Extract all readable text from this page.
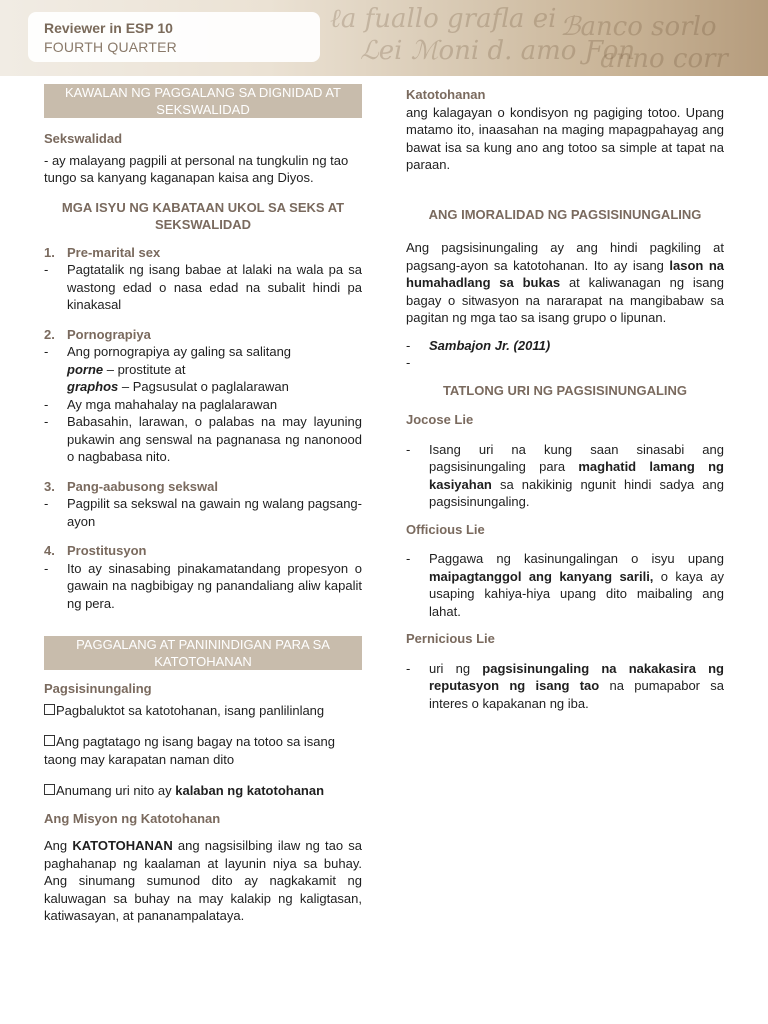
ℓa fuallo grafla ei
ℒei ℳoni d. amo Ƒon
ℬanco sorlo
anno corr
Reviewer in ESP 10
FOURTH QUARTER
KAWALAN NG PAGGALANG SA DIGNIDAD AT SEKSWALIDAD
Sekswalidad

- ay malayang pagpili at personal na tungkulin ng tao tungo sa kanyang kaganapan kaisa ang Diyos.

MGA ISYU NG KABATAAN UKOL SA SEKS AT SEKSWALIDAD
1. Pre-marital sex
-	Pagtatalik ng isang babae at lalaki na wala pa sa wastong edad o nasa edad na subalit hindi pa kinakasal
2. Pornograpiya
-	Ang pornograpiya ay galing sa salitang
porne – prostitute at
graphos – Pagsusulat o paglalarawan
-	Ay mga mahahalay na paglalarawan
-	Babasahin, larawan, o palabas na may layuning pukawin ang senswal na pagnanasa ng nanonood o nagbabasa nito.
3. Pang-aabusong sekswal
-	Pagpilit sa sekswal na gawain ng walang pagsang-ayon
4. Prostitusyon
-	Ito ay sinasabing pinakamatandang propesyon o gawain na nagbibigay ng panandaliang aliw kapalit ng pera.
PAGGALANG AT PANININDIGAN PARA SA KATOTOHANAN
Pagsisinungaling

Pagbaluktot sa katotohanan, isang panlilinlang

Ang pagtatago ng isang bagay na totoo sa isang taong may karapatan naman dito

Anumang uri nito ay kalaban ng katotohanan

Ang Misyon ng Katotohanan

Ang KATOTOHANAN ang nagsisilbing ilaw ng tao sa paghahanap ng kaalaman at layunin niya sa buhay. Ang sinumang sumunod dito ay nagkakamit ng kaluwagan sa buhay na may kalakip ng kaligtasan, katiwasayan, at pananampalataya.

Katotohanan

ang kalagayan o kondisyon ng pagiging totoo. Upang matamo ito, inaasahan na maging mapagpahayag ang bawat isa sa kung ano ang totoo sa simple at tapat na paraan.

ANG IMORALIDAD NG PAGSISINUNGALING

Ang pagsisinungaling ay ang hindi pagkiling at pagsang-ayon sa katotohanan. Ito ay isang lason na humahadlang sa bukas at kaliwanagan ng isang bagay o sitwasyon na nararapat na mangibabaw sa pagitan ng mga tao sa isang grupo o lipunan.

-	Sambajon Jr. (2011)
-
TATLONG URI NG PAGSISINUNGALING
Jocose Lie
-	Isang uri na kung saan sinasabi ang pagsisinungaling para maghatid lamang ng kasiyahan sa nakikinig ngunit hindi sadya ang pagsisinungaling.
Officious Lie
-	Paggawa ng kasinungalingan o isyu upang maipagtanggol ang kanyang sarili, o kaya ay usaping kahiya-hiya upang dito maibaling ang lahat.
Pernicious Lie
-	uri ng pagsisinungaling na nakakasira ng reputasyon ng isang tao na pumapabor sa interes o kapakanan ng iba.
